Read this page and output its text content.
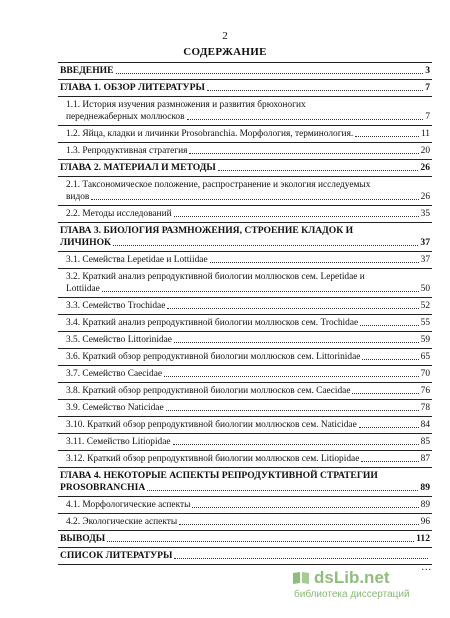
2
СОДЕРЖАНИЕ
ВВЕДЕНИЕ	3
ГЛАВА 1. ОБЗОР ЛИТЕРАТУРЫ	7
1.1. История изучения размножения и развития брюхоногих
переднежаберных моллюсков	7
1.2. Яйца, кладки и личинки Prosobranchia. Морфология, терминология.	11
1.3. Репродуктивная стратегия	20
ГЛАВА 2. МАТЕРИАЛ И МЕТОДЫ	26
2.1. Таксономическое положение, распространение и экология исследуемых
видов	26
2.2. Методы исследований	35
ГЛАВА 3. БИОЛОГИЯ РАЗМНОЖЕНИЯ, СТРОЕНИЕ КЛАДОК И
ЛИЧИНОК	37
3.1. Семейства Lepetidae и Lottiidae	37
3.2. Краткий анализ репродуктивной биологии моллюсков сем. Lepetidae и
Lottiidae	50
3.3. Семейство Trochidae	52
3.4. Краткий анализ репродуктивной биологии моллюсков сем. Trochidae	55
3.5. Семейство Littorinidae	59
3.6. Краткий обзор репродуктивной биологии моллюсков сем. Littorinidae	65
3.7. Семейство Caecidae	70
3.8. Краткий обзор репродуктивной биологии моллюсков сем. Caecidae	76
3.9. Семейство Naticidae	78
3.10. Краткий обзор репродуктивной биологии моллюсков сем. Naticidae	84
3.11. Семейство Litiopidae	85
3.12. Краткий обзор репродуктивной биологии моллюсков сем. Litiopidae	87
ГЛАВА 4. НЕКОТОРЫЕ АСПЕКТЫ РЕПРОДУКТИВНОЙ СТРАТЕГИИ
PROSOBRANCHIA	89
4.1. Морфологические аспекты	89
4.2. Экологические аспекты	96
ВЫВОДЫ	112
СПИСОК ЛИТЕРАТУРЫ
...
dsLib.net
библиотека диссертаций
